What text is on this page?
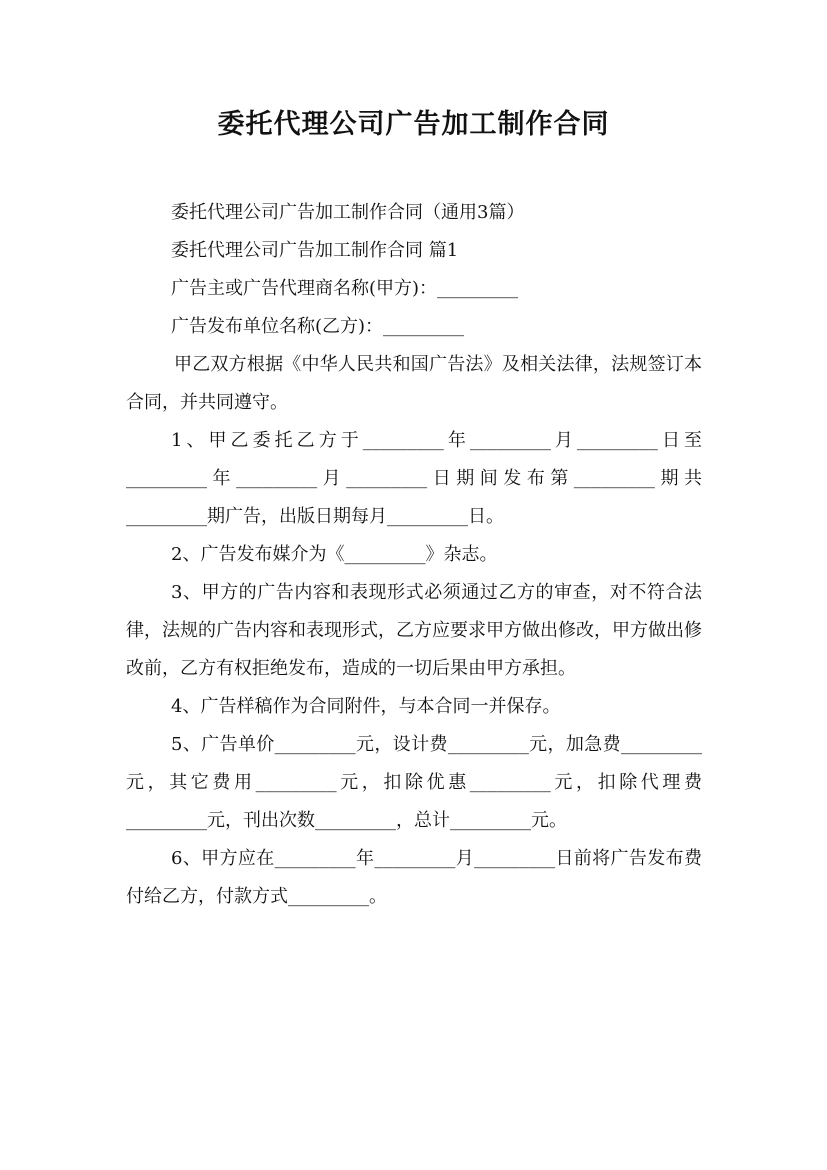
委托代理公司广告加工制作合同

委托代理公司广告加工制作合同（通用3篇）

委托代理公司广告加工制作合同 篇1

广告主或广告代理商名称(甲方)：_________

广告发布单位名称(乙方)：_________

甲乙双方根据《中华人民共和国广告法》及相关法律，法规签订本合同，并共同遵守。

1、甲乙委托乙方于_________年_________月_________日至_________年_________月_________日期间发布第_________期共_________期广告，出版日期每月_________日。

2、广告发布媒介为《_________》杂志。

3、甲方的广告内容和表现形式必须通过乙方的审查，对不符合法律，法规的广告内容和表现形式，乙方应要求甲方做出修改，甲方做出修改前，乙方有权拒绝发布，造成的一切后果由甲方承担。

4、广告样稿作为合同附件，与本合同一并保存。

5、广告单价_________元，设计费_________元，加急费_________元，其它费用_________元，扣除优惠_________元，扣除代理费_________元，刊出次数_________，总计_________元。

6、甲方应在_________年_________月_________日前将广告发布费付给乙方，付款方式_________。
